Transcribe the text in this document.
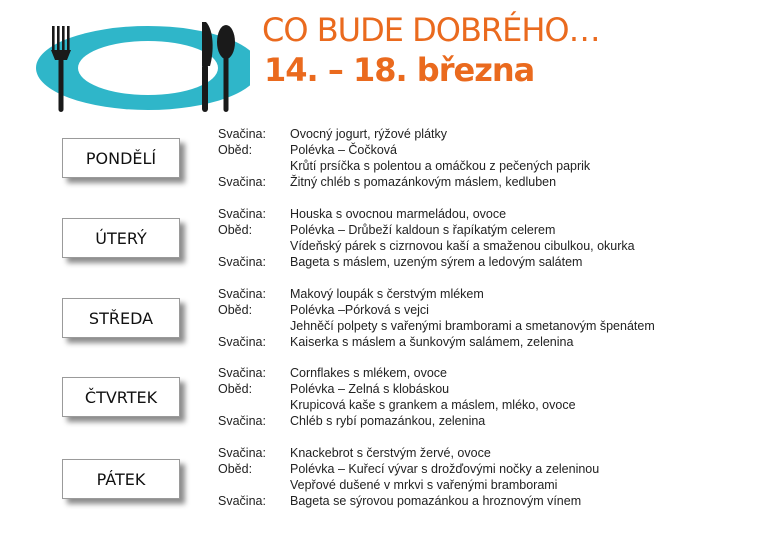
CO BUDE DOBRÉHO…
14. – 18. března
PONDĚLÍ
ÚTERÝ
STŘEDA
ČTVRTEK
PÁTEK
Svačina:
Oběd:
Svačina:
Ovocný jogurt, rýžové plátky
Polévka – Čočková
Krůtí prsíčka s polentou a omáčkou z pečených paprik
Žitný chléb s pomazánkovým máslem, kedluben
Svačina:
Oběd:
Svačina:
Houska s ovocnou marmeládou, ovoce
Polévka – Drůbeží kaldoun s řapíkatým celerem
Vídeňský párek s cizrnovou kaší a smaženou cibulkou, okurka
Bageta s máslem, uzeným sýrem a ledovým salátem
Svačina:
Oběd:
Svačina:
Makový loupák s čerstvým mlékem
Polévka –Pórková s vejci
Jehněčí polpety s vařenými bramborami a smetanovým špenátem
Kaiserka s máslem a šunkovým salámem, zelenina
Svačina:
Oběd:
Svačina:
Cornflakes s mlékem, ovoce
Polévka – Zelná s klobáskou
Krupicová kaše s grankem a máslem, mléko, ovoce
Chléb s rybí pomazánkou, zelenina
Svačina:
Oběd:
Svačina:
Knackebrot s čerstvým žervé, ovoce
Polévka – Kuřecí vývar s drožďovými nočky a zeleninou
Vepřové dušené v mrkvi s vařenými bramborami
Bageta se sýrovou pomazánkou a hroznovým vínem
